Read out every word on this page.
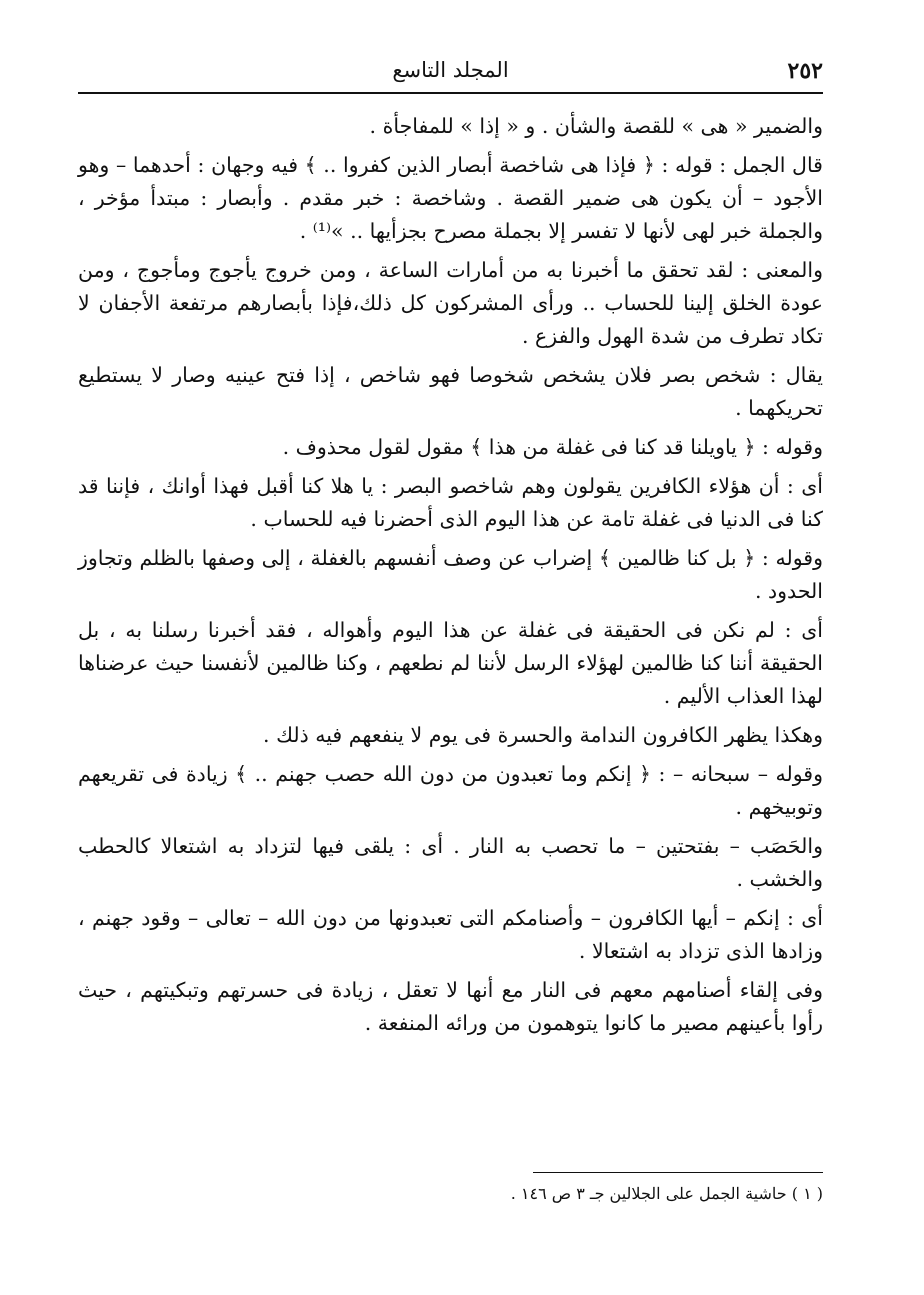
٢٥٢
المجلد التاسع

والضمير « هى » للقصة والشأن . و « إذا » للمفاجأة .

قال الجمل : قوله : ﴿ فإذا هى شاخصة أبصار الذين كفروا .. ﴾ فيه وجهان : أحدهما – وهو الأجود – أن يكون هى ضمير القصة . وشاخصة : خبر مقدم . وأبصار : مبتدأ مؤخر ، والجملة خبر لهى لأنها لا تفسر إلا بجملة مصرح بجزأيها .. »⁽¹⁾ .

والمعنى : لقد تحقق ما أخبرنا به من أمارات الساعة ، ومن خروج يأجوج ومأجوج ، ومن عودة الخلق إلينا للحساب .. ورأى المشركون كل ذلك،فإذا بأبصارهم مرتفعة الأجفان لا تكاد تطرف من شدة الهول والفزع .

يقال : شخص بصر فلان يشخص شخوصا فهو شاخص ، إذا فتح عينيه وصار لا يستطيع تحريكهما .

وقوله : ﴿ ياويلنا قد كنا فى غفلة من هذا ﴾ مقول لقول محذوف .

أى : أن هؤلاء الكافرين يقولون وهم شاخصو البصر : يا هلا كنا أقبل فهذا أوانك ، فإننا قد كنا فى الدنيا فى غفلة تامة عن هذا اليوم الذى أحضرنا فيه للحساب .

وقوله : ﴿ بل كنا ظالمين ﴾ إضراب عن وصف أنفسهم بالغفلة ، إلى وصفها بالظلم وتجاوز الحدود .

أى : لم نكن فى الحقيقة فى غفلة عن هذا اليوم وأهواله ، فقد أخبرنا رسلنا به ، بل الحقيقة أننا كنا ظالمين لهؤلاء الرسل لأننا لم نطعهم ، وكنا ظالمين لأنفسنا حيث عرضناها لهذا العذاب الأليم .

وهكذا يظهر الكافرون الندامة والحسرة فى يوم لا ينفعهم فيه ذلك .

وقوله – سبحانه – : ﴿ إنكم وما تعبدون من دون الله حصب جهنم .. ﴾ زيادة فى تقريعهم وتوبيخهم .

والحَصَب – بفتحتين – ما تحصب به النار . أى : يلقى فيها لتزداد به اشتعالا كالحطب والخشب .

أى : إنكم – أيها الكافرون – وأصنامكم التى تعبدونها من دون الله – تعالى – وقود جهنم ، وزادها الذى تزداد به اشتعالا .

وفى إلقاء أصنامهم معهم فى النار مع أنها لا تعقل ، زيادة فى حسرتهم وتبكيتهم ، حيث رأوا بأعينهم مصير ما كانوا يتوهمون من ورائه المنفعة .

( ١ ) حاشية الجمل على الجلالين جـ ٣ ص ١٤٦ .
